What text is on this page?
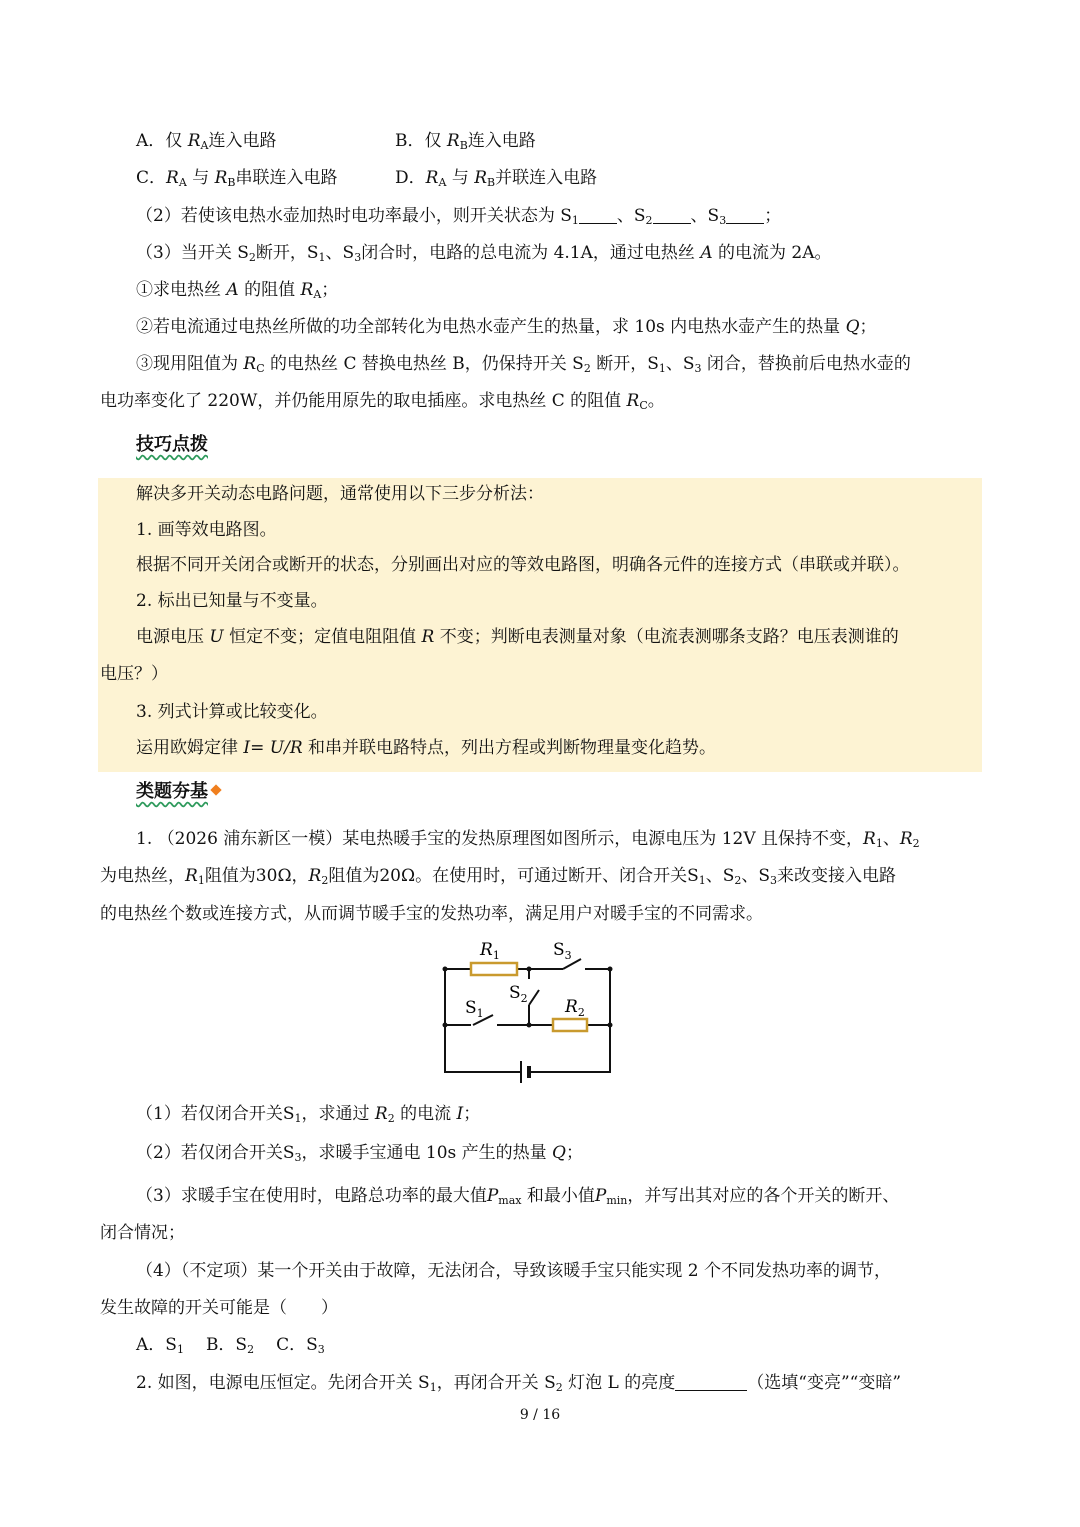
A．仅 $R_A$连入电路	B．仅 $R_B$连入电路
C．$R_A$ 与 $R_B$串联连入电路	D．$R_A$ 与 $R_B$并联连入电路
（2）若使该电热水壶加热时电功率最小，则开关状态为 $S_1$ 、$S_2$ 、$S_3$ ；
（3）当开关 $S_2$断开，$S_1$、$S_3$闭合时，电路的总电流为 4.1A，通过电热丝 A 的电流为 2A。
①求电热丝 A 的阻值 $R_A$；
②若电流通过电热丝所做的功全部转化为电热水壶产生的热量，求 10s 内电热水壶产生的热量 Q；
③现用阻值为 $R_C$ 的电热丝 C 替换电热丝 B，仍保持开关 $S_2$ 断开，$S_1$、$S_3$ 闭合，替换前后电热水壶的
电功率变化了 220W，并仍能用原先的取电插座。求电热丝 C 的阻值 $R_C$。
技巧点拨
解决多开关动态电路问题，通常使用以下三步分析法：
1. 画等效电路图。
根据不同开关闭合或断开的状态，分别画出对应的等效电路图，明确各元件的连接方式（串联或并联）。
2. 标出已知量与不变量。
电源电压 U 恒定不变；定值电阻阻值 R 不变；判断电表测量对象（电流表测哪条支路？电压表测谁的
电压？）
3. 列式计算或比较变化。
运用欧姆定律 I= U/R 和串并联电路特点，列出方程或判断物理量变化趋势。
类题夯基
1. （2026 浦东新区一模）某电热暖手宝的发热原理图如图所示，电源电压为 12V 且保持不变，$R_1$、$R_2$
为电热丝，$R_1$阻值为30Ω，$R_2$阻值为20Ω。在使用时，可通过断开、闭合开关$S_1$、$S_2$、$S_3$来改变接入电路
的电热丝个数或连接方式，从而调节暖手宝的发热功率，满足用户对暖手宝的不同需求。
$R_1$	$S_3$
$S_2$ $R_2$
$S_1$
（1）若仅闭合开关$S_1$，求通过 $R_2$ 的电流 I；
（2）若仅闭合开关$S_3$，求暖手宝通电 10s 产生的热量 Q；
（3）求暖手宝在使用时，电路总功率的最大值$P_{max}$ 和最小值$P_{min}$，并写出其对应的各个开关的断开、
闭合情况；
（4）（不定项）某一个开关由于故障，无法闭合，导致该暖手宝只能实现 2 个不同发热功率的调节，
发生故障的开关可能是（　　）
A．$S_1$ B．$S_2$ C．$S_3$
2. 如图，电源电压恒定。先闭合开关 $S_1$，再闭合开关 $S_2$ 灯泡 L 的亮度	（选填“变亮”“变暗”
9 / 16
